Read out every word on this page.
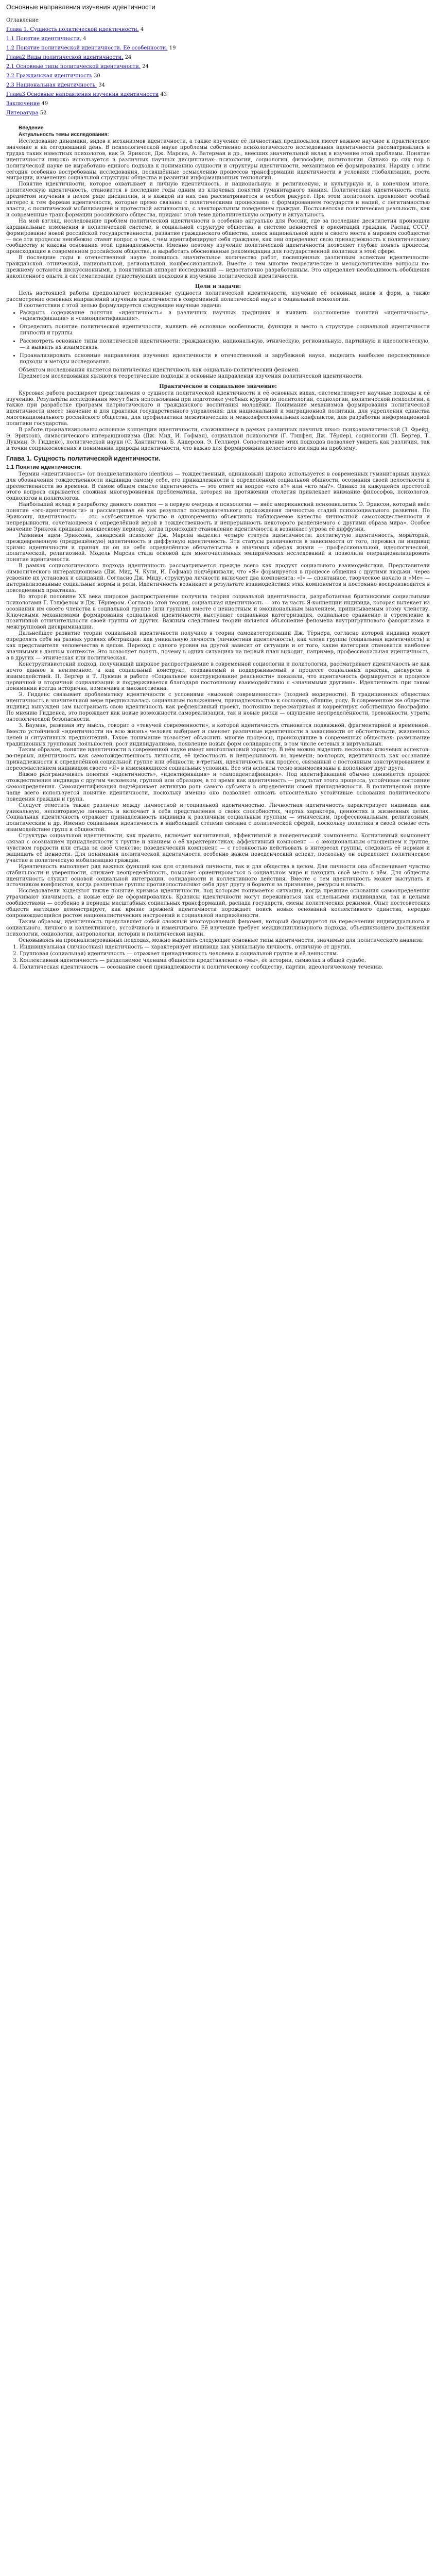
Основные направления изучения идентичности
Оглавление
Глава 1. Сущность политической идентичности. 4
1.1 Понятие идентичности. 4
1.2 Понятие политической идентичности. Её особенности. 19
Глава2 Виды политической идентичности. 24
2.1 Основные типы политической идентичности. 24
2.2 Гражданская идентичность 30
2.3 Национальная идентичность. 34
Глава3 Основные направления изучения идентичности 43
Заключение 49
Литература 52
Введение
Актуальность темы исследования:

Исследование динамики, видов и механизмов идентичности, а также изучение её личностных предпосылок имеет важное научное и практическое значение и на сегодняшний день. В психологической науке проблемы собственно психологического исследования идентичности рассматривались в трудах таких известных психологов, как Э. Эриксон, Дж. Марсиа, А. Ватерман и др., внесших значительный вклад в изучение этой проблемы. Понятие идентичности широко используется в различных научных дисциплинах: психологии, социологии, философии, политологии. Однако до сих пор в политической науке не выработано единого подхода к пониманию сущности и структуры идентичности, механизмов её формирования. Наряду с этим сегодня особенно востребованы исследования, посвящённые осмыслению процессов трансформации идентичности в условиях глобализации, роста миграции, изменения социальной структуры общества и развития информационных технологий.

Понятие идентичности, которое охватывает и личную идентичность, и национальную и религиозную, и культурную и, в конечном итоге, политическую идентичность, становится в последние годы одним из ключевых понятий гуманитарного знания. Политическая идентичность стала предметом изучения в целом ряде дисциплин, и в каждой из них она рассматривается в особом ракурсе. При этом политологи проявляют особый интерес к тем формам идентичности, которые прямо связаны с политическими процессами: с формированием государств и наций, с легитимностью власти, с политической мобилизацией и протестной активностью, с электоральным поведением граждан. Постсоветская политическая реальность, как и современные трансформации российского общества, придают этой теме дополнительную остроту и актуальность.

На мой взгляд, исследование проблем политической идентичности в особенно актуально для России, где за последние десятилетия произошли кардинальные изменения в политической системе, в социальной структуре общества, в системе ценностей и ориентаций граждан. Распад СССР, формирование новой российской государственности, развитие гражданского общества, поиск национальной идеи и своего места в мировом сообществе — все эти процессы неизбежно ставят вопрос о том, с чем идентифицируют себя граждане, как они определяют свою принадлежность к политическому сообществу и каковы основания этой принадлежности. Именно поэтому изучение политической идентичности позволяет глубже понять процессы, происходящие в современном российском обществе, и выработать обоснованные рекомендации для государственной политики в этой сфере.

В последние годы в отечественной науке появилось значительное количество работ, посвящённых различным аспектам идентичности: гражданской, этнической, национальной, региональной, конфессиональной. Вместе с тем многие теоретические и методологические вопросы по-прежнему остаются дискуссионными, а понятийный аппарат исследований — недостаточно разработанным. Это определяет необходимость обобщения накопленного опыта и систематизации существующих подходов к изучению политической идентичности.

Цели и задачи:

Цель настоящей работы предполагает исследование сущности политической идентичности, изучение её основных видов и форм, а также рассмотрение основных направлений изучения идентичности в современной политической науке и социальной психологии.

В соответствии с этой целью формулируется следующие научные задачи:

• Раскрыть содержание понятия «идентичность» в различных научных традициях и выявить соотношение понятий «идентичность», «идентификация» и «самоидентификация».
• Определить понятие политической идентичности, выявить её основные особенности, функции и место в структуре социальной идентичности личности и группы.
• Рассмотреть основные типы политической идентичности: гражданскую, национальную, этническую, региональную, партийную и идеологическую, — и выявить их взаимосвязь.
• Проанализировать основные направления изучения идентичности в отечественной и зарубежной науке, выделить наиболее перспективные подходы и методы исследования.

Объектом исследования является политическая идентичность как социально-политический феномен.

Предметом исследования являются теоретические подходы и основные направления изучения политической идентичности.

Практическое и социальное значение:

Курсовая работа расширяет представления о сущности политической идентичности и её основных видах, систематизирует научные подходы к её изучению. Результаты исследования могут быть использованы при подготовке учебных курсов по политологии, социологии, политической психологии, а также при разработке программ патриотического и гражданского воспитания молодёжи. Понимание механизмов формирования политической идентичности имеет значение и для практики государственного управления: для национальной и миграционной политики, для укрепления единства многонационального российского общества, для профилактики межэтнических и межконфессиональных конфликтов, для разработки информационной политики государства.

В работе проанализированы основные концепции идентичности, сложившиеся в рамках различных научных школ: психоаналитической (З. Фрейд, Э. Эриксон), символического интеракционизма (Дж. Мид, И. Гофман), социальной психологии (Г. Тэшфел, Дж. Тёрнер), социологии (П. Бергер, Т. Лукман, Э. Гидденс), политической науки (С. Хантингтон, Б. Андерсон, Э. Геллнер). Сопоставление этих подходов позволяет увидеть как различия, так и точки соприкосновения в понимании природы идентичности, что важно для формирования целостного взгляда на проблему.

Глава 1. Сущность политической идентичности.
1.1 Понятие идентичности.

Термин «идентичность» (от позднелатинского identicus — тождественный, одинаковый) широко используется в современных гуманитарных науках для обозначения тождественности индивида самому себе, его принадлежности к определённой социальной общности, осознания своей целостности и преемственности во времени. В самом общем смысле идентичность — это ответ на вопрос «кто я?» или «кто мы?». Однако за кажущейся простотой этого вопроса скрывается сложная многоуровневая проблематика, которая на протяжении столетия привлекает внимание философов, психологов, социологов и политологов.

Наибольший вклад в разработку данного понятия — в первую очередь в психологии — внёс американский психоаналитик Э. Эриксон, который ввёл понятие «эго-идентичности» и рассматривал её как результат последовательного прохождения личностью стадий психосоциального развития. По Эриксону, идентичность — это «субъективное чувство и одновременно объективно наблюдаемое качество личностной самотождественности и непрерывности, сочетающееся с определённой верой в тождественность и непрерывность некоторого разделяемого с другими образа мира». Особое значение Эриксон придавал юношескому периоду, когда происходит становление идентичности и возникает угроза её диффузии.

Развивая идеи Эриксона, канадский психолог Дж. Марсиа выделил четыре статуса идентичности: достигнутую идентичность, мораторий, преждевременную (предрешённую) идентичность и диффузную идентичность. Эти статусы различаются в зависимости от того, пережил ли индивид кризис идентичности и принял ли он на себя определённые обязательства в значимых сферах жизни — профессиональной, идеологической, политической, религиозной. Модель Марсиа стала основой для многочисленных эмпирических исследований и позволила операционализировать понятие идентичности.

В рамках социологического подхода идентичность рассматривается прежде всего как продукт социального взаимодействия. Представители символического интеракционизма (Дж. Мид, Ч. Кули, И. Гофман) подчёркивали, что «Я» формируется в процессе общения с другими людьми, через усвоение их установок и ожиданий. Согласно Дж. Миду, структура личности включает два компонента: «I» — спонтанное, творческое начало и «Me» — интернализованные социальные нормы и роли. Идентичность возникает в результате взаимодействия этих компонентов и постоянно воспроизводится в повседневных практиках.

Во второй половине XX века широкое распространение получила теория социальной идентичности, разработанная британскими социальными психологами Г. Тэшфелом и Дж. Тёрнером. Согласно этой теории, социальная идентичность — это та часть Я-концепции индивида, которая вытекает из осознания им своего членства в социальной группе (или группах) вместе с ценностным и эмоциональным значением, приписываемым этому членству. Ключевыми механизмами формирования социальной идентичности выступают социальная категоризация, социальное сравнение и стремление к позитивной отличительности своей группы от других. Важным следствием теории является объяснение феномена внутригруппового фаворитизма и межгрупповой дискриминации.

Дальнейшее развитие теории социальной идентичности получило в теории самокатегоризации Дж. Тёрнера, согласно которой индивид может определять себя на разных уровнях абстракции: как уникальную личность (личностная идентичность), как члена группы (социальная идентичность) и как представителя человечества в целом. Переход с одного уровня на другой зависит от ситуации и от того, какие категории становятся наиболее значимыми в данном контексте. Это позволяет понять, почему в одних ситуациях на первый план выходит, например, профессиональная идентичность, а в других — этническая или политическая.

Конструктивистский подход, получивший широкое распространение в современной социологии и политологии, рассматривает идентичность не как нечто данное и неизменное, а как социальный конструкт, создаваемый и поддерживаемый в процессе социальных практик, дискурсов и взаимодействий. П. Бергер и Т. Лукман в работе «Социальное конструирование реальности» показали, что идентичность формируется в процессе первичной и вторичной социализации и поддерживается благодаря постоянному взаимодействию с «значимыми другими». Идентичность при таком понимании всегда исторична, изменчива и множественна.

Э. Гидденс связывает проблематику идентичности с условиями «высокой современности» (поздней модерности). В традиционных обществах идентичность в значительной мере предписывалась социальным положением, принадлежностью к сословию, общине, роду. В современном же обществе индивид вынужден сам выстраивать свою идентичность как рефлексивный проект, постоянно пересматривая и корректируя собственную биографию. По мнению Гидденса, это порождает как новые возможности самореализации, так и новые риски — ощущение неопределённости, тревожности, утраты онтологической безопасности.

З. Бауман, развивая эту мысль, говорит о «текучей современности», в которой идентичность становится подвижной, фрагментарной и временной. Вместо устойчивой «идентичности на всю жизнь» человек выбирает и сменяет различные идентичности в зависимости от обстоятельств, жизненных целей и ситуативных предпочтений. Такое понимание позволяет объяснить многие процессы, происходящие в современных обществах: размывание традиционных групповых лояльностей, рост индивидуализма, появление новых форм солидарности, в том числе сетевых и виртуальных.

Таким образом, понятие идентичности в современной науке имеет многоплановый характер. В нём можно выделить несколько ключевых аспектов: во-первых, идентичность как самотождественность личности, её целостность и непрерывность во времени; во-вторых, идентичность как осознание принадлежности к определённой социальной группе или общности; в-третьих, идентичность как процесс, связанный с постоянным конструированием и переосмыслением индивидом своего «Я» в изменяющихся социальных условиях. Все эти аспекты тесно взаимосвязаны и дополняют друг друга.

Важно разграничивать понятия «идентичность», «идентификация» и «самоидентификация». Под идентификацией обычно понимается процесс отождествления индивида с другим человеком, группой или образцом, в то время как идентичность — результат этого процесса, устойчивое состояние самоопределения. Самоидентификация подчёркивает активную роль самого субъекта в определении своей принадлежности. В политической науке чаще всего используется понятие идентичности, поскольку именно оно позволяет описать относительно устойчивые основания политического поведения граждан и групп.

Следует отметить также различие между личностной и социальной идентичностью. Личностная идентичность характеризует индивида как уникальную, неповторимую личность и включает в себя представления о своих способностях, чертах характера, ценностях и жизненных целях. Социальная идентичность отражает принадлежность индивида к различным социальным группам — этническим, профессиональным, религиозным, политическим и др. Именно социальная идентичность в наибольшей степени связана с политической сферой, поскольку политика в своей основе есть взаимодействие групп и общностей.

Структура социальной идентичности, как правило, включает когнитивный, аффективный и поведенческий компоненты. Когнитивный компонент связан с осознанием принадлежности к группе и знанием о её характеристиках; аффективный компонент — с эмоциональным отношением к группе, чувством гордости или стыда за своё членство; поведенческий компонент — с готовностью действовать в интересах группы, следовать её нормам и защищать её ценности. Для понимания политической идентичности особенно важен поведенческий аспект, поскольку он определяет политическое участие и политическую мобилизацию граждан.

Идентичность выполняет ряд важных функций как для отдельной личности, так и для общества в целом. Для личности она обеспечивает чувство стабильности и уверенности, снижает неопределённость, помогает ориентироваться в социальном мире и находить своё место в нём. Для общества идентичность служит основой социальной интеграции, солидарности и коллективного действия. Вместе с тем идентичность может выступать и источником конфликтов, когда различные группы противопоставляют себя друг другу и борются за признание, ресурсы и власть.

Исследователи выделяют также понятие кризиса идентичности, под которым понимается ситуация, когда прежние основания самоопределения утрачивают значимость, а новые ещё не сформировались. Кризисы идентичности могут переживаться как отдельными индивидами, так и целыми сообществами — особенно в периоды масштабных социальных трансформаций, распада государств, смены политических режимов. Опыт постсоветских обществ наглядно демонстрирует, как кризис прежней идентичности порождает поиск новых оснований коллективного единства, нередко сопровождающийся ростом националистических настроений и социальной напряжённости.

Таким образом, идентичность представляет собой сложный многоуровневый феномен, который формируется на пересечении индивидуального и социального, личного и коллективного, устойчивого и изменчивого. Её изучение требует междисциплинарного подхода, объединяющего достижения психологии, социологии, антропологии, истории и политической науки.

Основываясь на проанализированных подходах, можно выделить следующие основные типы идентичности, значимые для политического анализа:

1. Индивидуальная (личностная) идентичность — характеризует индивида как уникальную личность, отличную от других.
2. Групповая (социальная) идентичность — отражает принадлежность человека к социальной группе и её ценностям.
3. Коллективная идентичность — разделяемое членами общности представление о «мы», её истории, символах и общей судьбе.
4. Политическая идентичность — осознание своей принадлежности к политическому сообществу, партии, идеологическому течению.
